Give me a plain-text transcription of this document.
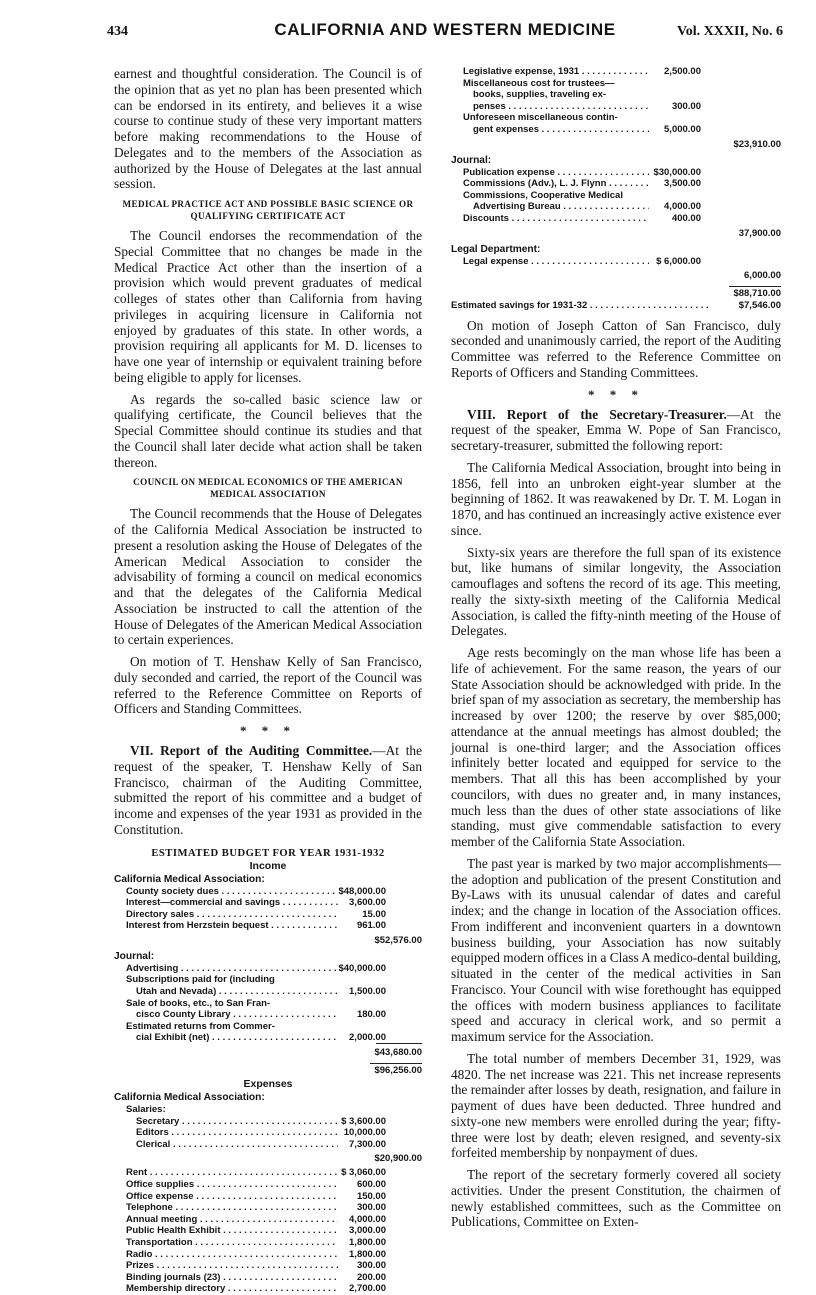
434	CALIFORNIA AND WESTERN MEDICINE	Vol. XXXII, No. 6

earnest and thoughtful consideration. The Council is of the opinion that as yet no plan has been presented which can be endorsed in its entirety, and believes it a wise course to continue study of these very important matters before making recommendations to the House of Delegates and to the members of the Association as authorized by the House of Delegates at the last annual session.

MEDICAL PRACTICE ACT AND POSSIBLE BASIC SCIENCE OR QUALIFYING CERTIFICATE ACT

The Council endorses the recommendation of the Special Committee that no changes be made in the Medical Practice Act other than the insertion of a provision which would prevent graduates of medical colleges of states other than California from having privileges in acquiring licensure in California not enjoyed by graduates of this state. In other words, a provision requiring all applicants for M. D. licenses to have one year of internship or equivalent training before being eligible to apply for licenses.

As regards the so-called basic science law or qualifying certificate, the Council believes that the Special Committee should continue its studies and that the Council shall later decide what action shall be taken thereon.

COUNCIL ON MEDICAL ECONOMICS OF THE AMERICAN MEDICAL ASSOCIATION

The Council recommends that the House of Delegates of the California Medical Association be instructed to present a resolution asking the House of Delegates of the American Medical Association to consider the advisability of forming a council on medical economics and that the delegates of the California Medical Association be instructed to call the attention of the House of Delegates of the American Medical Association to certain experiences.

On motion of T. Henshaw Kelly of San Francisco, duly seconded and carried, the report of the Council was referred to the Reference Committee on Reports of Officers and Standing Committees.

* * *

VII. Report of the Auditing Committee.—At the request of the speaker, T. Henshaw Kelly of San Francisco, chairman of the Auditing Committee, submitted the report of his committee and a budget of income and expenses of the year 1931 as provided in the Constitution.

ESTIMATED BUDGET FOR YEAR 1931-1932
Income
California Medical Association:
County society dues . . .	$48,000.00
Interest—commercial and savings . . .	3,600.00
Directory sales . . .	15.00
Interest from Herzstein bequest . . .	961.00
$52,576.00
Journal:
Advertising . . .	$40,000.00
Subscriptions paid for (including
Utah and Nevada) . . .	1,500.00
Sale of books, etc., to San Fran-
cisco County Library . . .	180.00
Estimated returns from Commer-
cial Exhibit (net) . . .	2,000.00
$43,680.00
$96,256.00
Expenses
California Medical Association:
Salaries:
Secretary . . .	$ 3,600.00
Editors . . .	10,000.00
Clerical . . .	7,300.00
$20,900.00
Rent . . .	$ 3,060.00
Office supplies . . .	600.00
Office expense . . .	150.00
Telephone . . .	300.00
Annual meeting . . .	4,000.00
Public Health Exhibit . . .	3,000.00
Transportation . . .	1,800.00
Radio . . .	1,800.00
Prizes . . .	300.00
Binding journals (23) . . .	200.00
Membership directory . . .	2,700.00
Legislative expense, 1931 . . .	2,500.00
Miscellaneous cost for trustees—
books, supplies, traveling ex-
penses . . .	300.00
Unforeseen miscellaneous contin-
gent expenses . . .	5,000.00
$23,910.00
Journal:
Publication expense . . .	$30,000.00
Commissions (Adv.), L. J. Flynn . . .	3,500.00
Commissions, Cooperative Medical
Advertising Bureau . . .	4,000.00
Discounts . . .	400.00
37,900.00
Legal Department:
Legal expense . . .	$ 6,000.00
6,000.00
$88,710.00
Estimated savings for 1931-32 . . .	$7,546.00

On motion of Joseph Catton of San Francisco, duly seconded and unanimously carried, the report of the Auditing Committee was referred to the Reference Committee on Reports of Officers and Standing Committees.

* * *

VIII. Report of the Secretary-Treasurer.—At the request of the speaker, Emma W. Pope of San Francisco, secretary-treasurer, submitted the following report:

The California Medical Association, brought into being in 1856, fell into an unbroken eight-year slumber at the beginning of 1862. It was reawakened by Dr. T. M. Logan in 1870, and has continued an increasingly active existence ever since.

Sixty-six years are therefore the full span of its existence but, like humans of similar longevity, the Association camouflages and softens the record of its age. This meeting, really the sixty-sixth meeting of the California Medical Association, is called the fifty-ninth meeting of the House of Delegates.

Age rests becomingly on the man whose life has been a life of achievement. For the same reason, the years of our State Association should be acknowledged with pride. In the brief span of my association as secretary, the membership has increased by over 1200; the reserve by over $85,000; attendance at the annual meetings has almost doubled; the journal is one-third larger; and the Association offices infinitely better located and equipped for service to the members. That all this has been accomplished by your councilors, with dues no greater and, in many instances, much less than the dues of other state associations of like standing, must give commendable satisfaction to every member of the California State Association.

The past year is marked by two major accomplishments—the adoption and publication of the present Constitution and By-Laws with its unusual calendar of dates and careful index; and the change in location of the Association offices. From indifferent and inconvenient quarters in a downtown business building, your Association has now suitably equipped modern offices in a Class A medico-dental building, situated in the center of the medical activities in San Francisco. Your Council with wise forethought has equipped the offices with modern business appliances to facilitate speed and accuracy in clerical work, and so permit a maximum service for the Association.

The total number of members December 31, 1929, was 4820. The net increase was 221. This net increase represents the remainder after losses by death, resignation, and failure in payment of dues have been deducted. Three hundred and sixty-one new members were enrolled during the year; fifty-three were lost by death; eleven resigned, and seventy-six forfeited membership by nonpayment of dues.

The report of the secretary formerly covered all society activities. Under the present Constitution, the chairmen of newly established committees, such as the Committee on Publications, Committee on Exten-
